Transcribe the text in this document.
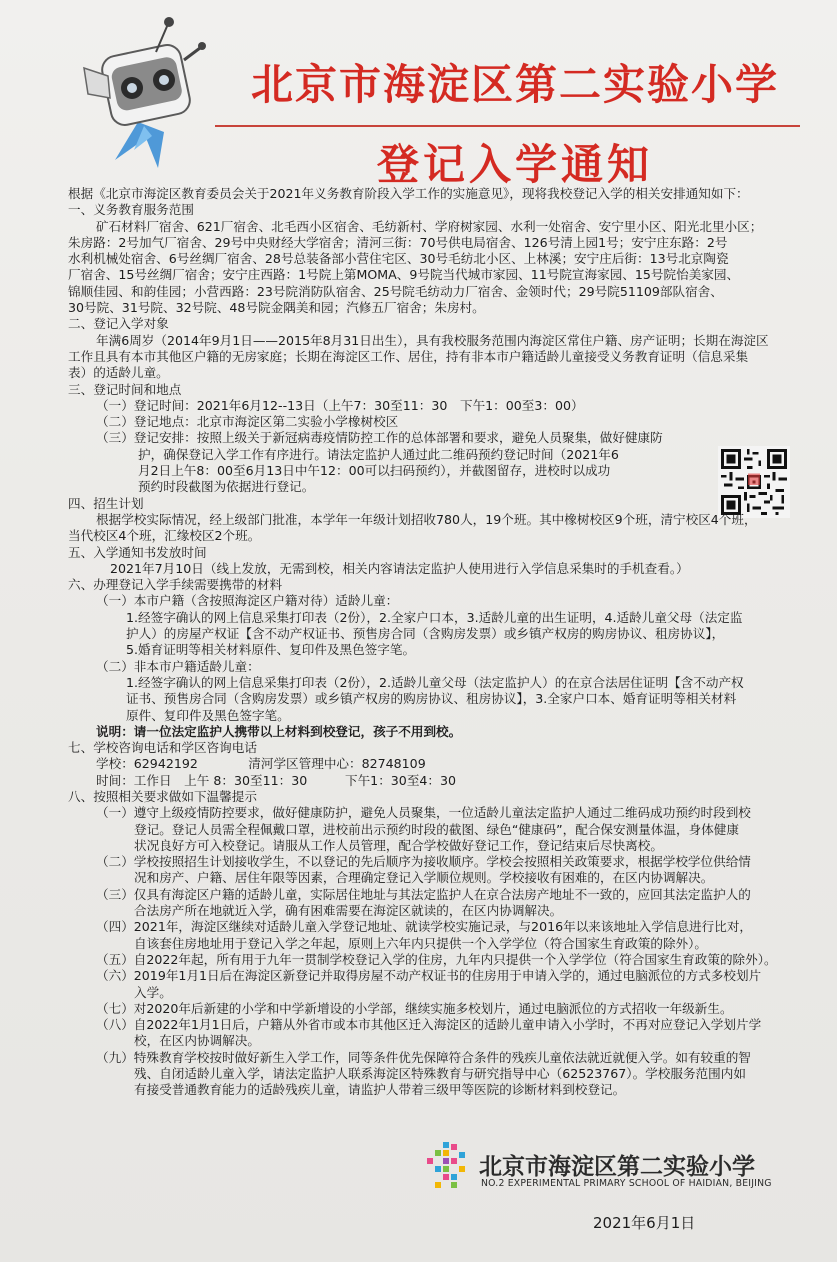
北京市海淀区第二实验小学
登记入学通知
根据《北京市海淀区教育委员会关于2021年义务教育阶段入学工作的实施意见》，现将我校登记入学的相关安排通知如下：
一、义务教育服务范围
矿石材料厂宿舍、621厂宿舍、北毛西小区宿舍、毛纺新村、学府树家园、水利一处宿舍、安宁里小区、阳光北里小区；
朱房路：2号加气厂宿舍、29号中央财经大学宿舍；清河三街：70号供电局宿舍、126号清上园1号；安宁庄东路：2号
水利机械处宿舍、6号丝绸厂宿舍、28号总装备部小营住宅区、30号毛纺北小区、上林溪；安宁庄后街：13号北京陶瓷
厂宿舍、15号丝绸厂宿舍；安宁庄西路：1号院上第MOMA、9号院当代城市家园、11号院宣海家园、15号院怡美家园、
锦顺佳园、和韵佳园；小营西路：23号院消防队宿舍、25号院毛纺动力厂宿舍、金领时代；29号院51109部队宿舍、
30号院、31号院、32号院、48号院金隅美和园；汽修五厂宿舍；朱房村。
二、登记入学对象
年满6周岁（2014年9月1日——2015年8月31日出生），具有我校服务范围内海淀区常住户籍、房产证明；长期在海淀区
工作且具有本市其他区户籍的无房家庭；长期在海淀区工作、居住，持有非本市户籍适龄儿童接受义务教育证明（信息采集
表）的适龄儿童。
三、登记时间和地点
（一）登记时间：2021年6月12--13日（上午7：30至11：30　下午1：00至3：00）
（二）登记地点：北京市海淀区第二实验小学橡树校区
（三）登记安排：按照上级关于新冠病毒疫情防控工作的总体部署和要求，避免人员聚集，做好健康防
护，确保登记入学工作有序进行。请法定监护人通过此二维码预约登记时间（2021年6
月2日上午8：00至6月13日中午12：00可以扫码预约），并截图留存，进校时以成功
预约时段截图为依据进行登记。
四、招生计划
根据学校实际情况，经上级部门批准，本学年一年级计划招收780人，19个班。其中橡树校区9个班，清宁校区4个班，
当代校区4个班，汇缘校区2个班。
五、入学通知书发放时间
2021年7月10日（线上发放，无需到校，相关内容请法定监护人使用进行入学信息采集时的手机查看。）
六、办理登记入学手续需要携带的材料
（一）本市户籍（含按照海淀区户籍对待）适龄儿童：
1.经签字确认的网上信息采集打印表（2份），2.全家户口本，3.适龄儿童的出生证明，4.适龄儿童父母（法定监
护人）的房屋产权证【含不动产权证书、预售房合同（含购房发票）或乡镇产权房的购房协议、租房协议】，
5.婚育证明等相关材料原件、复印件及黑色签字笔。
（二）非本市户籍适龄儿童：
1.经签字确认的网上信息采集打印表（2份），2.适龄儿童父母（法定监护人）的在京合法居住证明【含不动产权
证书、预售房合同（含购房发票）或乡镇产权房的购房协议、租房协议】，3.全家户口本、婚育证明等相关材料
原件、复印件及黑色签字笔。
说明：请一位法定监护人携带以上材料到校登记，孩子不用到校。
七、学校咨询电话和学区咨询电话
学校：62942192　　　　清河学区管理中心：82748109
时间：工作日　上午 8：30至11：30　　　下午1：30至4：30
八、按照相关要求做如下温馨提示
（一）遵守上级疫情防控要求，做好健康防护，避免人员聚集，一位适龄儿童法定监护人通过二维码成功预约时段到校
登记。登记人员需全程佩戴口罩，进校前出示预约时段的截图、绿色“健康码”，配合保安测量体温，身体健康
状况良好方可入校登记。请服从工作人员管理，配合学校做好登记工作，登记结束后尽快离校。
（二）学校按照招生计划接收学生，不以登记的先后顺序为接收顺序。学校会按照相关政策要求，根据学校学位供给情
况和房产、户籍、居住年限等因素，合理确定登记入学顺位规则。学校接收有困难的，在区内协调解决。
（三）仅具有海淀区户籍的适龄儿童，实际居住地址与其法定监护人在京合法房产地址不一致的，应回其法定监护人的
合法房产所在地就近入学，确有困难需要在海淀区就读的，在区内协调解决。
（四）2021年，海淀区继续对适龄儿童入学登记地址、就读学校实施记录，与2016年以来该地址入学信息进行比对，
自该套住房地址用于登记入学之年起，原则上六年内只提供一个入学学位（符合国家生育政策的除外）。
（五）自2022年起，所有用于九年一贯制学校登记入学的住房，九年内只提供一个入学学位（符合国家生育政策的除外）。
（六）2019年1月1日后在海淀区新登记并取得房屋不动产权证书的住房用于申请入学的，通过电脑派位的方式多校划片
入学。
（七）对2020年后新建的小学和中学新增设的小学部，继续实施多校划片，通过电脑派位的方式招收一年级新生。
（八）自2022年1月1日后，户籍从外省市或本市其他区迁入海淀区的适龄儿童申请入小学时，不再对应登记入学划片学
校，在区内协调解决。
（九）特殊教育学校按时做好新生入学工作，同等条件优先保障符合条件的残疾儿童依法就近就便入学。如有较重的智
残、自闭适龄儿童入学，请法定监护人联系海淀区特殊教育与研究指导中心（62523767）。学校服务范围内如
有接受普通教育能力的适龄残疾儿童，请监护人带着三级甲等医院的诊断材料到校登记。
北京市海淀区第二实验小学
NO.2 EXPERIMENTAL PRIMARY SCHOOL OF HAIDIAN, BEIJING
2021年6月1日
